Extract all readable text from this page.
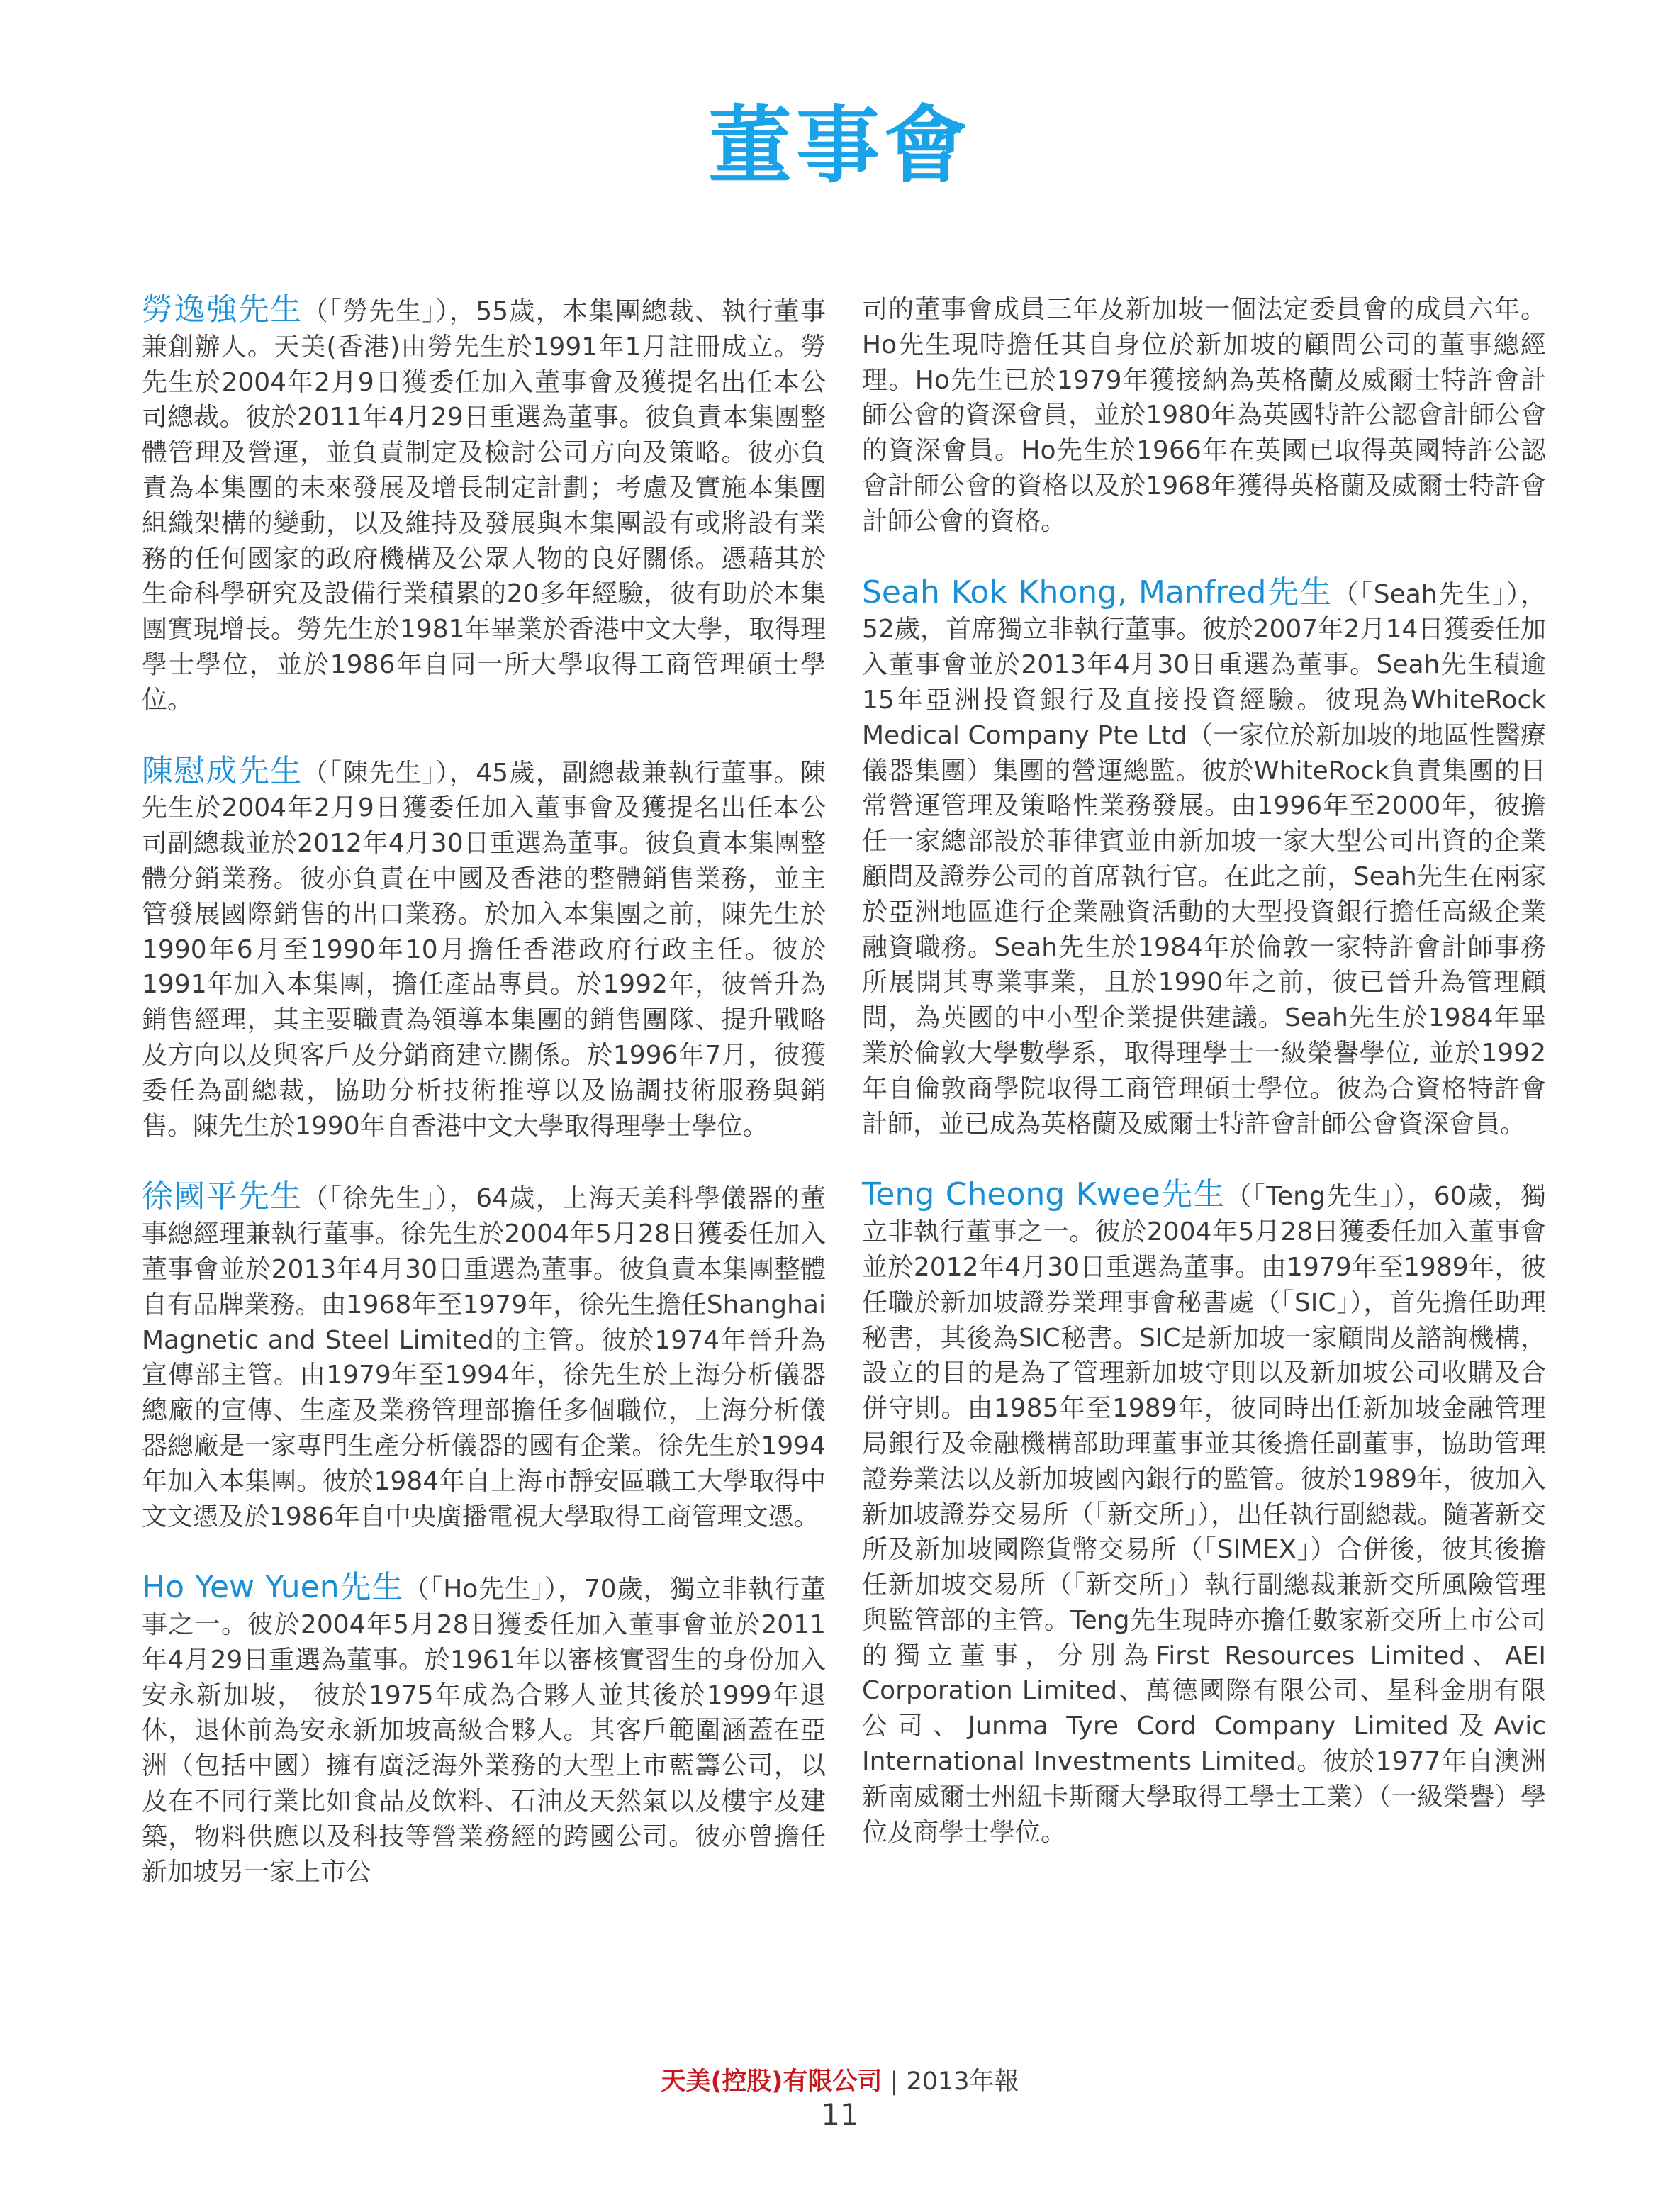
董事會

勞逸強先生（「勞先生」），55歲，本集團總裁、執行董事兼創辦人。天美(香港)由勞先生於1991年1月註冊成立。勞先生於2004年2月9日獲委任加入董事會及獲提名出任本公司總裁。彼於2011年4月29日重選為董事。彼負責本集團整體管理及營運，並負責制定及檢討公司方向及策略。彼亦負責為本集團的未來發展及增長制定計劃；考慮及實施本集團組織架構的變動，以及維持及發展與本集團設有或將設有業務的任何國家的政府機構及公眾人物的良好關係。憑藉其於生命科學研究及設備行業積累的20多年經驗，彼有助於本集團實現增長。勞先生於1981年畢業於香港中文大學，取得理學士學位，並於1986年自同一所大學取得工商管理碩士學位。

陳慰成先生（「陳先生」），45歲，副總裁兼執行董事。陳先生於2004年2月9日獲委任加入董事會及獲提名出任本公司副總裁並於2012年4月30日重選為董事。彼負責本集團整體分銷業務。彼亦負責在中國及香港的整體銷售業務，並主管發展國際銷售的出口業務。於加入本集團之前，陳先生於1990年6月至1990年10月擔任香港政府行政主任。彼於1991年加入本集團，擔任產品專員。於1992年，彼晉升為銷售經理，其主要職責為領導本集團的銷售團隊、提升戰略及方向以及與客戶及分銷商建立關係。於1996年7月，彼獲委任為副總裁，協助分析技術推導以及協調技術服務與銷售。陳先生於1990年自香港中文大學取得理學士學位。

徐國平先生（「徐先生」），64歲，上海天美科學儀器的董事總經理兼執行董事。徐先生於2004年5月28日獲委任加入董事會並於2013年4月30日重選為董事。彼負責本集團整體自有品牌業務。由1968年至1979年，徐先生擔任Shanghai Magnetic and Steel Limited的主管。彼於1974年晉升為宣傳部主管。由1979年至1994年，徐先生於上海分析儀器總廠的宣傳、生產及業務管理部擔任多個職位，上海分析儀器總廠是一家專門生產分析儀器的國有企業。徐先生於1994年加入本集團。彼於1984年自上海市靜安區職工大學取得中文文憑及於1986年自中央廣播電視大學取得工商管理文憑。

Ho Yew Yuen先生（「Ho先生」），70歲，獨立非執行董事之一。彼於2004年5月28日獲委任加入董事會並於2011年4月29日重選為董事。於1961年以審核實習生的身份加入安永新加坡， 彼於1975年成為合夥人並其後於1999年退休，退休前為安永新加坡高級合夥人。其客戶範圍涵蓋在亞洲（包括中國）擁有廣泛海外業務的大型上市藍籌公司，以及在不同行業比如食品及飲料、石油及天然氣以及樓宇及建築，物料供應以及科技等營業務經的跨國公司。彼亦曾擔任新加坡另一家上市公

司的董事會成員三年及新加坡一個法定委員會的成員六年。Ho先生現時擔任其自身位於新加坡的顧問公司的董事總經理。Ho先生已於1979年獲接納為英格蘭及威爾士特許會計師公會的資深會員，並於1980年為英國特許公認會計師公會的資深會員。Ho先生於1966年在英國已取得英國特許公認會計師公會的資格以及於1968年獲得英格蘭及威爾士特許會計師公會的資格。

Seah Kok Khong, Manfred先生（「Seah先生」），52歲，首席獨立非執行董事。彼於2007年2月14日獲委任加入董事會並於2013年4月30日重選為董事。Seah先生積逾15年亞洲投資銀行及直接投資經驗。彼現為WhiteRock Medical Company Pte Ltd（一家位於新加坡的地區性醫療儀器集團）集團的營運總監。彼於WhiteRock負責集團的日常營運管理及策略性業務發展。由1996年至2000年，彼擔任一家總部設於菲律賓並由新加坡一家大型公司出資的企業顧問及證券公司的首席執行官。在此之前，Seah先生在兩家於亞洲地區進行企業融資活動的大型投資銀行擔任高級企業融資職務。Seah先生於1984年於倫敦一家特許會計師事務所展開其專業事業，且於1990年之前，彼已晉升為管理顧問，為英國的中小型企業提供建議。Seah先生於1984年畢業於倫敦大學數學系，取得理學士一級榮譽學位, 並於1992年自倫敦商學院取得工商管理碩士學位。彼為合資格特許會計師，並已成為英格蘭及威爾士特許會計師公會資深會員。

Teng Cheong Kwee先生（「Teng先生」），60歲，獨立非執行董事之一。彼於2004年5月28日獲委任加入董事會並於2012年4月30日重選為董事。由1979年至1989年，彼任職於新加坡證券業理事會秘書處（「SIC」），首先擔任助理秘書，其後為SIC秘書。SIC是新加坡一家顧問及諮詢機構，設立的目的是為了管理新加坡守則以及新加坡公司收購及合併守則。由1985年至1989年，彼同時出任新加坡金融管理局銀行及金融機構部助理董事並其後擔任副董事，協助管理證券業法以及新加坡國內銀行的監管。彼於1989年，彼加入新加坡證券交易所（「新交所」），出任執行副總裁。隨著新交所及新加坡國際貨幣交易所（「SIMEX」）合併後，彼其後擔任新加坡交易所（「新交所」）執行副總裁兼新交所風險管理與監管部的主管。Teng先生現時亦擔任數家新交所上市公司的獨立董事，分別為First Resources Limited、AEI Corporation Limited、萬德國際有限公司、星科金朋有限公司、Junma Tyre Cord Company Limited及Avic International Investments Limited。彼於1977年自澳洲新南威爾士州紐卡斯爾大學取得工學士工業）（一級榮譽）學位及商學士學位。

天美(控股)有限公司 | 2013年報
11
